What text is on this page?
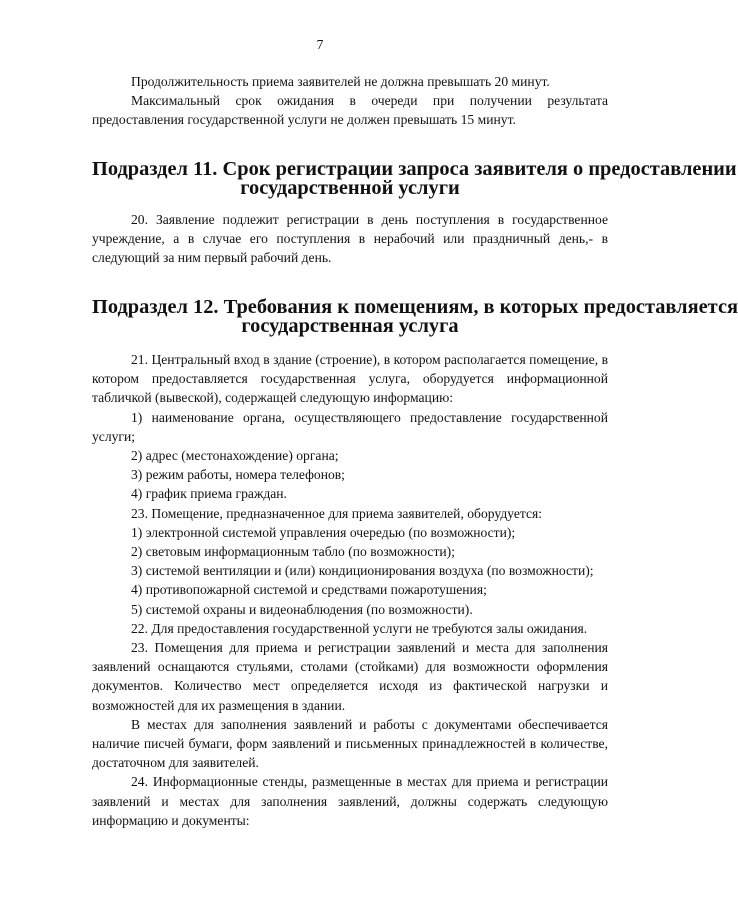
7

Продолжительность приема заявителей не должна превышать 20 минут.

Максимальный срок ожидания в очереди при получении результата предоставления государственной услуги не должен превышать 15 минут.

Подраздел 11. Срок регистрации запроса заявителя о предоставлении
государственной услуги

20. Заявление подлежит регистрации в день поступления в государственное учреждение, а в случае его поступления в нерабочий или праздничный день,- в следующий за ним первый рабочий день.

Подраздел 12. Требования к помещениям, в которых предоставляется
государственная услуга

21. Центральный вход в здание (строение), в котором располагается помещение, в котором предоставляется государственная услуга, оборудуется информационной табличкой (вывеской), содержащей следующую информацию:

1) наименование органа, осуществляющего предоставление государственной услуги;

2) адрес (местонахождение) органа;

3) режим работы, номера телефонов;

4) график приема граждан.

23. Помещение, предназначенное для приема заявителей, оборудуется:

1) электронной системой управления очередью (по возможности);

2) световым информационным табло (по возможности);

3) системой вентиляции и (или) кондиционирования воздуха (по возможности);

4) противопожарной системой и средствами пожаротушения;

5) системой охраны и видеонаблюдения (по возможности).

22. Для предоставления государственной услуги не требуются залы ожидания.

23. Помещения для приема и регистрации заявлений и места для заполнения заявлений оснащаются стульями, столами (стойками) для возможности оформления документов. Количество мест определяется исходя из фактической нагрузки и возможностей для их размещения в здании.

В местах для заполнения заявлений и работы с документами обеспечивается наличие писчей бумаги, форм заявлений и письменных принадлежностей в количестве, достаточном для заявителей.

24. Информационные стенды, размещенные в местах для приема и регистрации заявлений и местах для заполнения заявлений, должны содержать следующую информацию и документы:
